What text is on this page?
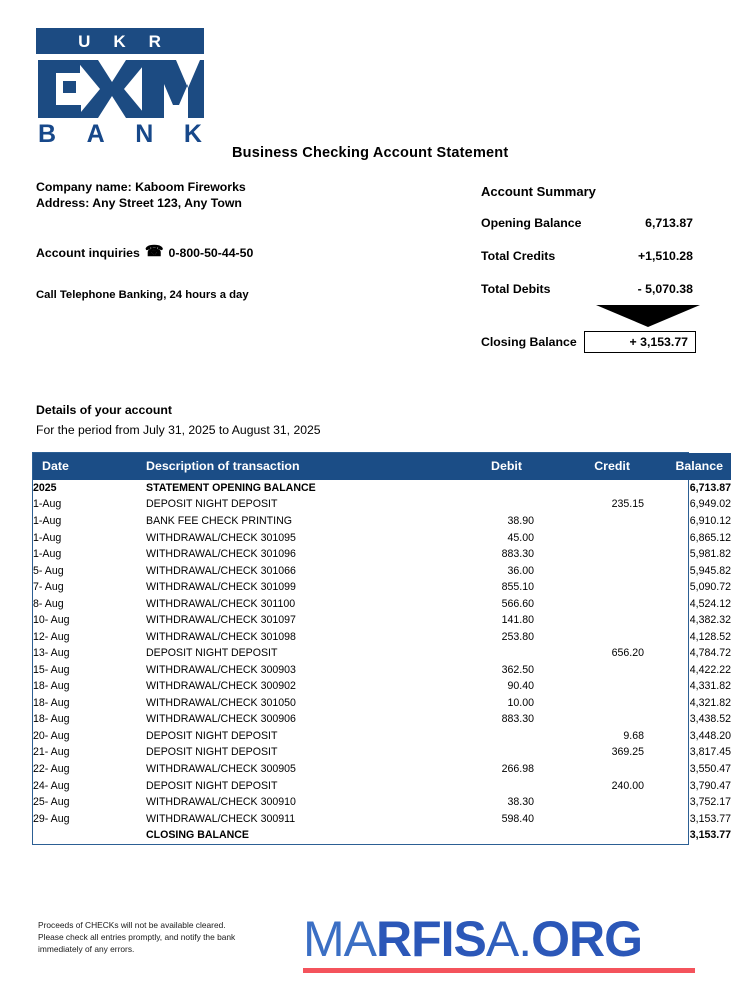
U K R
B A N K
Business Checking Account Statement
Company name: Kaboom Fireworks
Address: Any Street 123, Any Town
Account inquiries ☎ 0-800-50-44-50
Call Telephone Banking, 24 hours a day
Account Summary
Opening Balance	6,713.87
Total Credits	+1,510.28
Total Debits	- 5,070.38
Closing Balance	+ 3,153.77
Details of your account
For the period from July 31, 2025 to August 31, 2025
Date	Description of transaction	Debit	Credit	Balance
2025	STATEMENT OPENING BALANCE			6,713.87
1-Aug	DEPOSIT NIGHT DEPOSIT		235.15	6,949.02
1-Aug	BANK FEE CHECK PRINTING	38.90		6,910.12
1-Aug	WITHDRAWAL/CHECK 301095	45.00		6,865.12
1-Aug	WITHDRAWAL/CHECK 301096	883.30		5,981.82
5- Aug	WITHDRAWAL/CHECK 301066	36.00		5,945.82
7- Aug	WITHDRAWAL/CHECK 301099	855.10		5,090.72
8- Aug	WITHDRAWAL/CHECK 301100	566.60		4,524.12
10- Aug	WITHDRAWAL/CHECK 301097	141.80		4,382.32
12- Aug	WITHDRAWAL/CHECK 301098	253.80		4,128.52
13- Aug	DEPOSIT NIGHT DEPOSIT		656.20	4,784.72
15- Aug	WITHDRAWAL/CHECK 300903	362.50		4,422.22
18- Aug	WITHDRAWAL/CHECK 300902	90.40		4,331.82
18- Aug	WITHDRAWAL/CHECK 301050	10.00		4,321.82
18- Aug	WITHDRAWAL/CHECK 300906	883.30		3,438.52
20- Aug	DEPOSIT NIGHT DEPOSIT		9.68	3,448.20
21- Aug	DEPOSIT NIGHT DEPOSIT		369.25	3,817.45
22- Aug	WITHDRAWAL/CHECK 300905	266.98		3,550.47
24- Aug	DEPOSIT NIGHT DEPOSIT		240.00	3,790.47
25- Aug	WITHDRAWAL/CHECK 300910	38.30		3,752.17
29- Aug	WITHDRAWAL/CHECK 300911	598.40		3,153.77
	CLOSING BALANCE			3,153.77
Proceeds of CHECKs will not be available cleared. Please check all entries promptly, and notify the bank immediately of any errors.	MARFISA.ORG
